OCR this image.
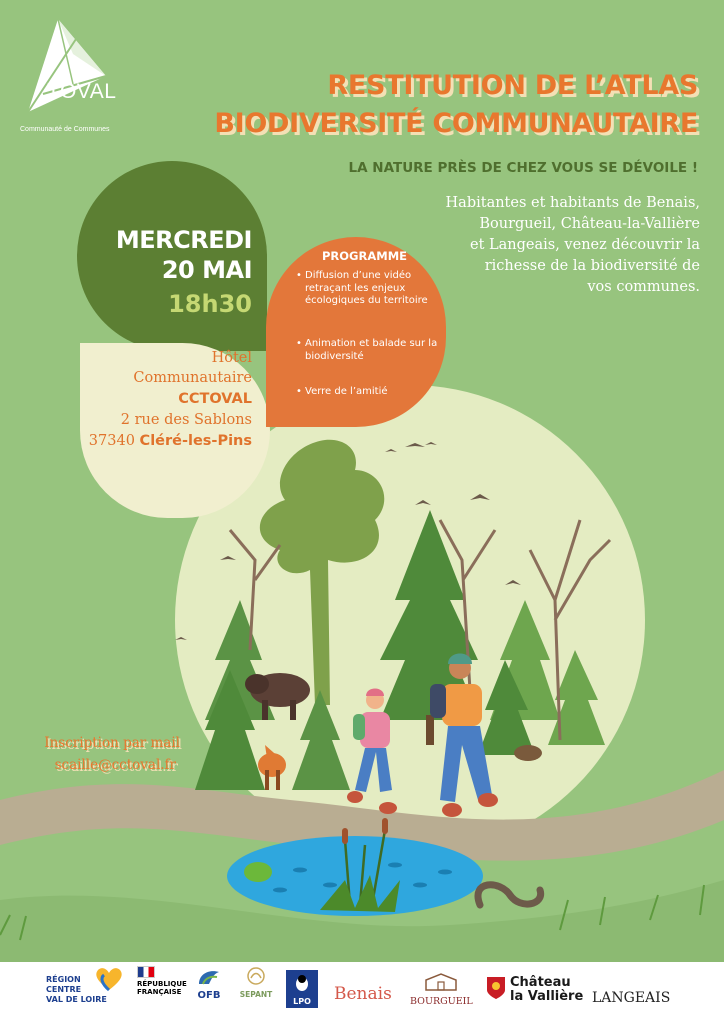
TOVAL
Communauté de Communes
RESTITUTION DE L’ATLAS
BIODIVERSITÉ COMMUNAUTAIRE
LA NATURE PRÈS DE CHEZ VOUS SE DÉVOILE !
Habitantes et habitants de Benais,
Bourgueil, Château-la-Vallière
et Langeais, venez découvrir la
richesse de la biodiversité de
vos communes.
MERCREDI
20 MAI
18h30
Hôtel
Communautaire
CCTOVAL
2 rue des Sablons
37340 Cléré-les-Pins
PROGRAMME
• Diffusion d’une vidéo retraçant les enjeux écologiques du territoire
• Animation et balade sur la biodiversité
• Verre de l’amitié
Inscription par mail
scaille@cctoval.fr
RÉGION
CENTRE
VAL DE LOIRE
RÉPUBLIQUE
FRANÇAISE	OFB	SEPANT
LPO	Benais BOURGUEIL
Château
la Vallière LANGEAIS
